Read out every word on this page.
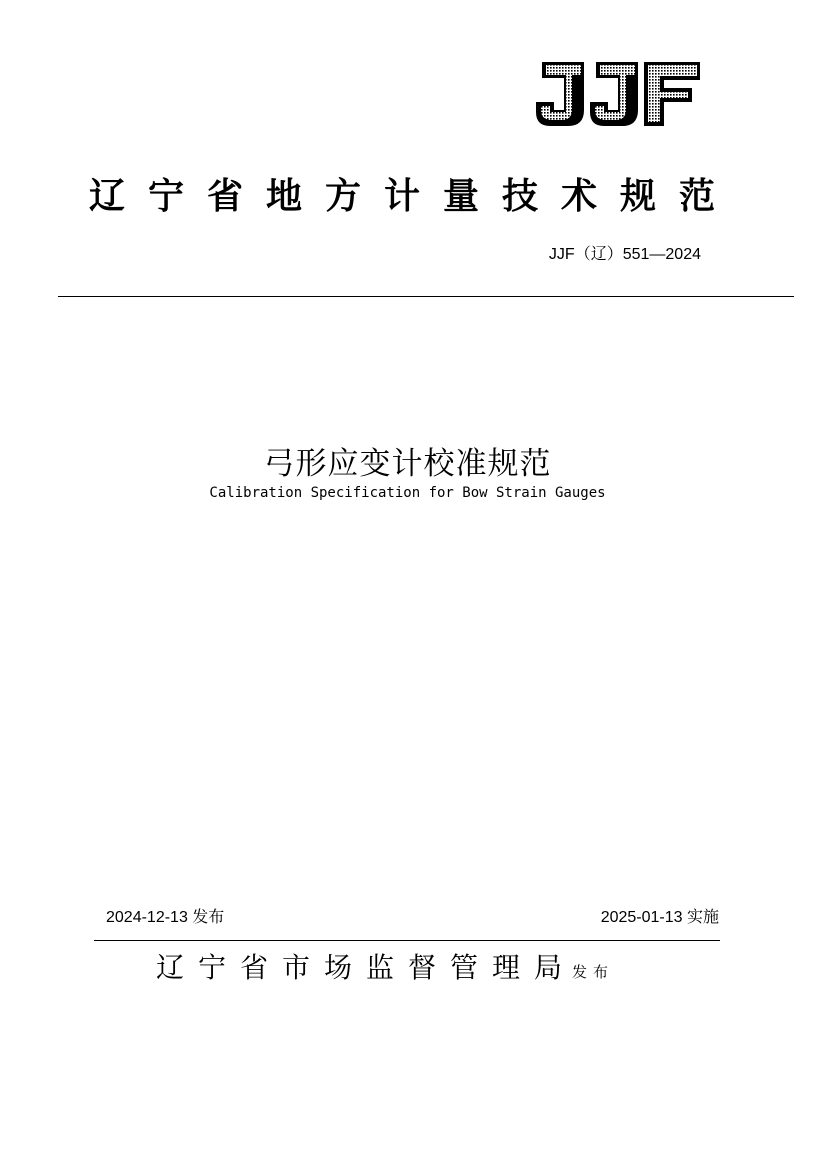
辽宁省地方计量技术规范
JJF（辽）551—2024
弓形应变计校准规范
Calibration Specification for Bow Strain Gauges
2024-12-13 发布	2025-01-13 实施
辽宁省市场监督管理局发布
